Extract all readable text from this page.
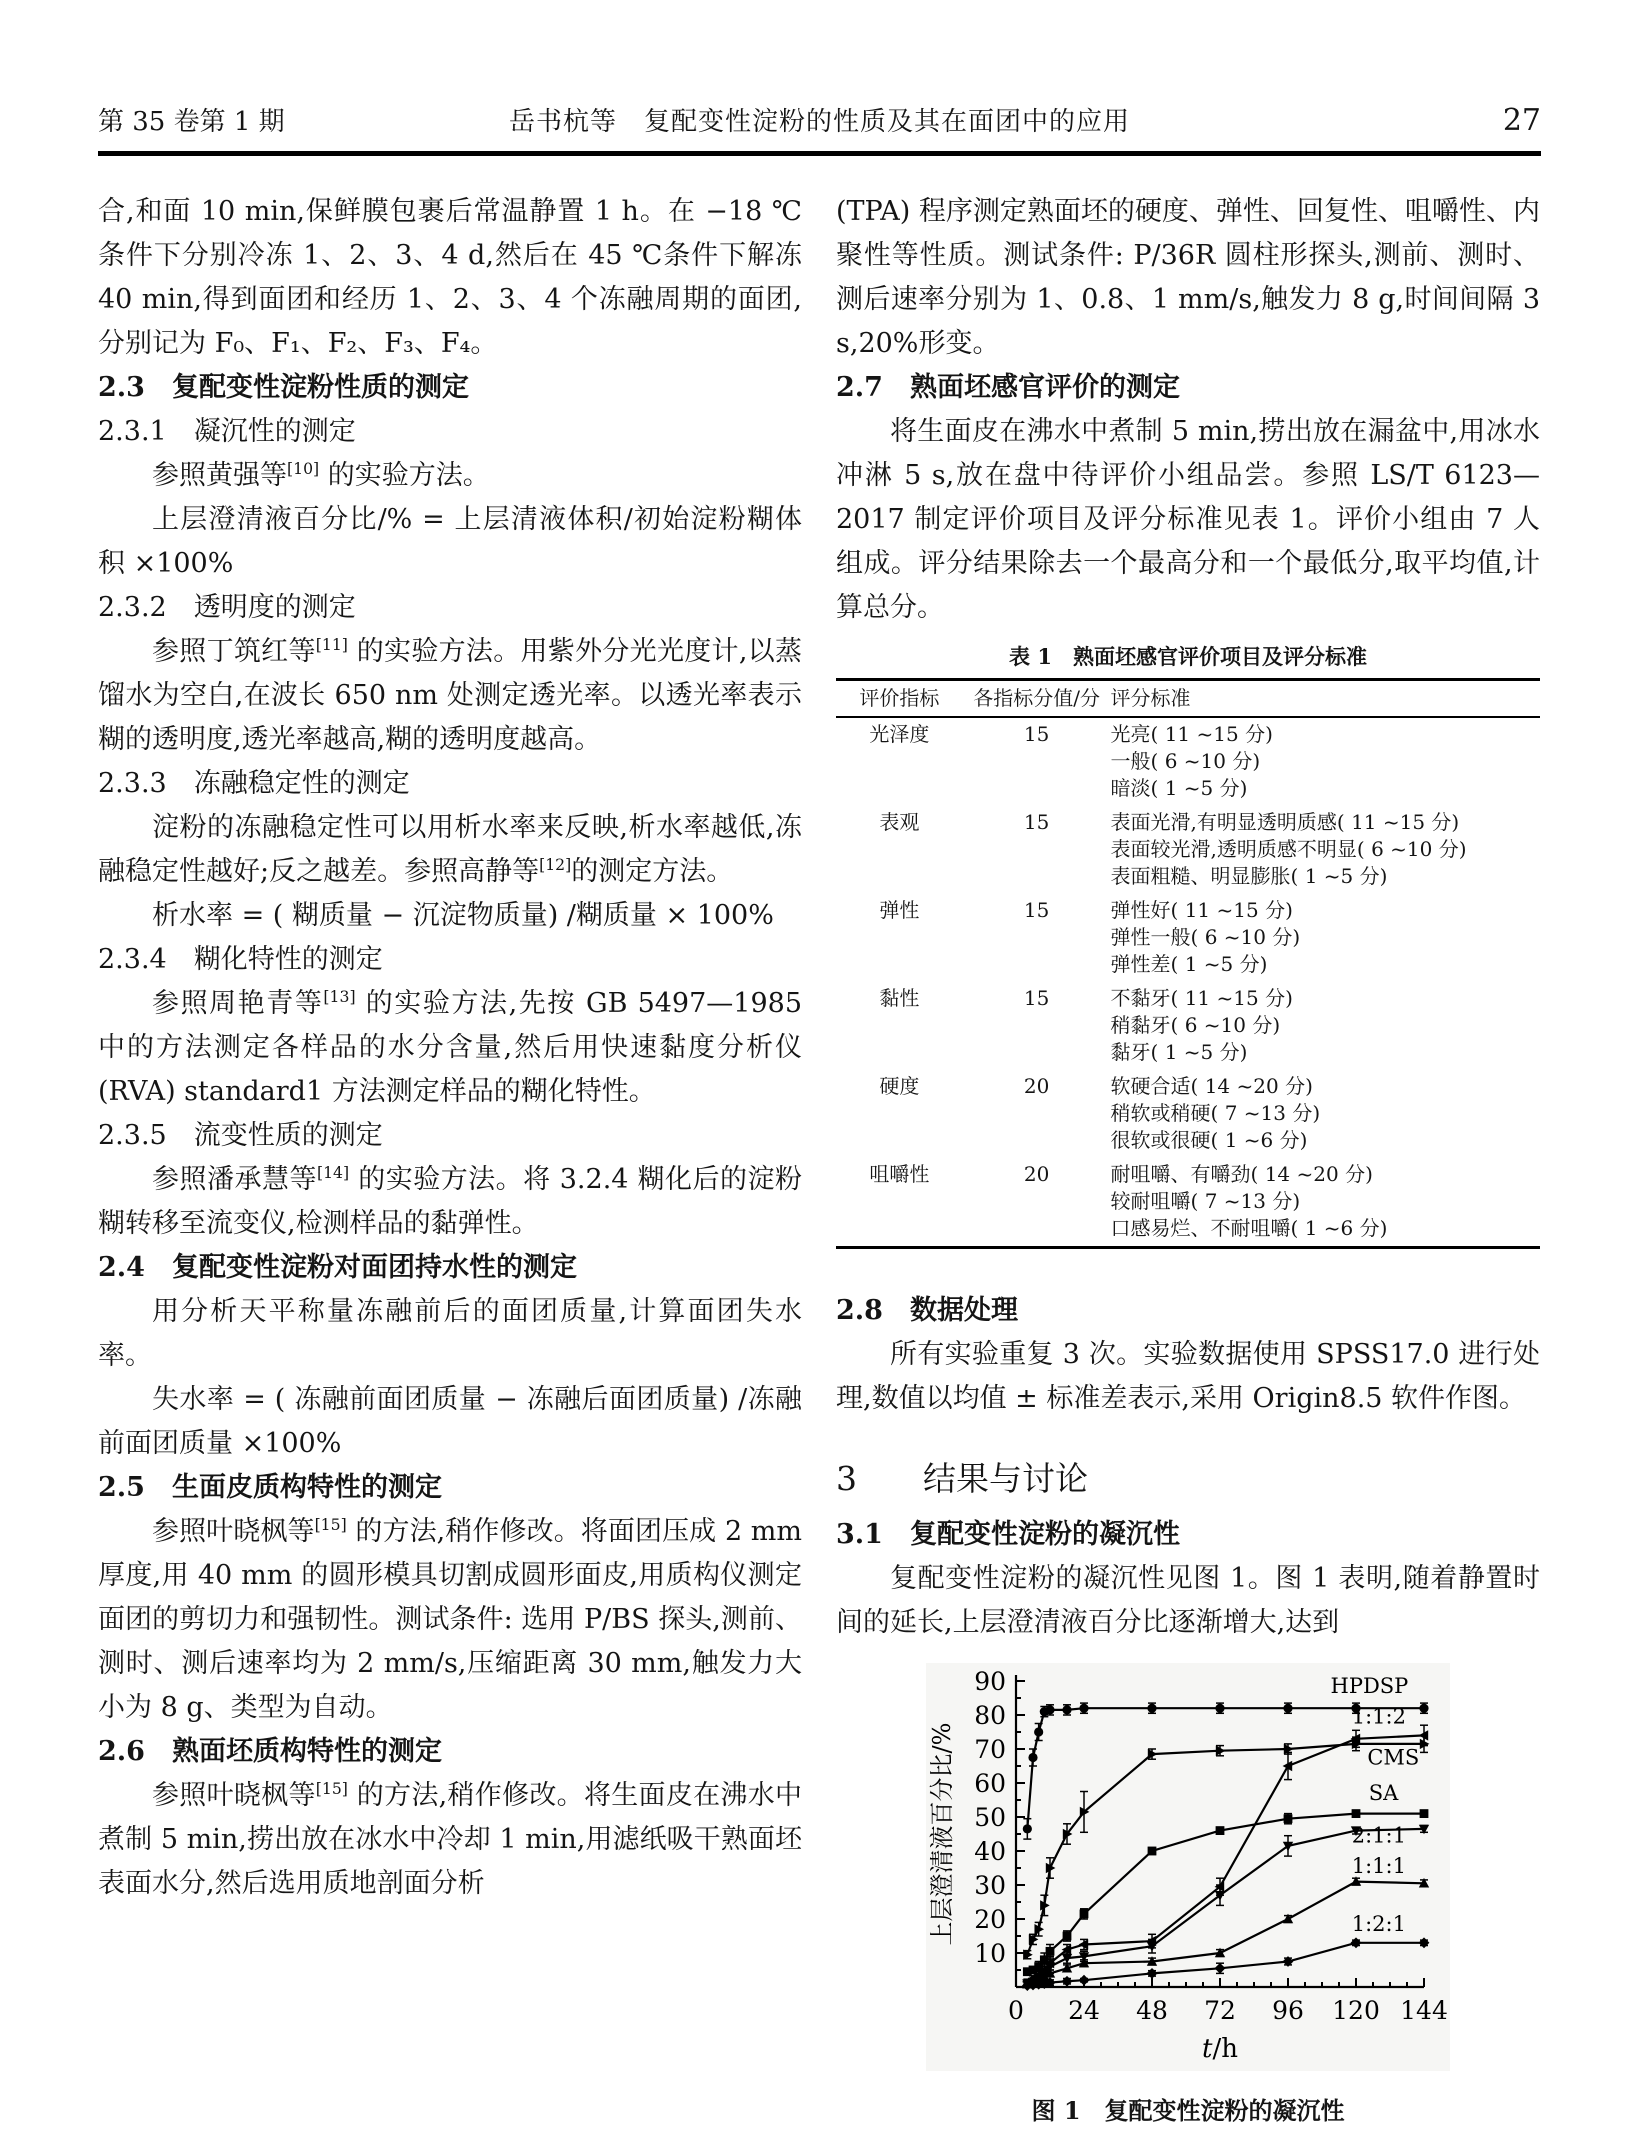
第 35 卷第 1 期	岳书杭等　复配变性淀粉的性质及其在面团中的应用	27

合,和面 10 min,保鲜膜包裹后常温静置 1 h。在 −18 ℃条件下分别冷冻 1、2、3、4 d,然后在 45 ℃条件下解冻 40 min,得到面团和经历 1、2、3、4 个冻融周期的面团,分别记为 F₀、F₁、F₂、F₃、F₄。

2.3　复配变性淀粉性质的测定
2.3.1　凝沉性的测定

参照黄强等[10] 的实验方法。

上层澄清液百分比/% = 上层清液体积/初始淀粉糊体积 ×100%

2.3.2　透明度的测定

参照丁筑红等[11] 的实验方法。用紫外分光光度计,以蒸馏水为空白,在波长 650 nm 处测定透光率。以透光率表示糊的透明度,透光率越高,糊的透明度越高。

2.3.3　冻融稳定性的测定

淀粉的冻融稳定性可以用析水率来反映,析水率越低,冻融稳定性越好;反之越差。参照高静等[12]的测定方法。

析水率 = ( 糊质量 − 沉淀物质量) /糊质量 × 100%

2.3.4　糊化特性的测定

参照周艳青等[13] 的实验方法,先按 GB 5497—1985 中的方法测定各样品的水分含量,然后用快速黏度分析仪(RVA) standard1 方法测定样品的糊化特性。

2.3.5　流变性质的测定

参照潘承慧等[14] 的实验方法。将 3.2.4 糊化后的淀粉糊转移至流变仪,检测样品的黏弹性。

2.4　复配变性淀粉对面团持水性的测定

用分析天平称量冻融前后的面团质量,计算面团失水率。

失水率 = ( 冻融前面团质量 − 冻融后面团质量) /冻融前面团质量 ×100%

2.5　生面皮质构特性的测定

参照叶晓枫等[15] 的方法,稍作修改。将面团压成 2 mm 厚度,用 40 mm 的圆形模具切割成圆形面皮,用质构仪测定面团的剪切力和强韧性。测试条件: 选用 P/BS 探头,测前、测时、测后速率均为 2 mm/s,压缩距离 30 mm,触发力大小为 8 g、类型为自动。

2.6　熟面坯质构特性的测定

参照叶晓枫等[15] 的方法,稍作修改。将生面皮在沸水中煮制 5 min,捞出放在冰水中冷却 1 min,用滤纸吸干熟面坯表面水分,然后选用质地剖面分析

(TPA) 程序测定熟面坯的硬度、弹性、回复性、咀嚼性、内聚性等性质。测试条件: P/36R 圆柱形探头,测前、测时、测后速率分别为 1、0.8、1 mm/s,触发力 8 g,时间间隔 3 s,20%形变。

2.7　熟面坯感官评价的测定

将生面皮在沸水中煮制 5 min,捞出放在漏盆中,用冰水冲淋 5 s,放在盘中待评价小组品尝。参照 LS/T 6123—2017 制定评价项目及评分标准见表 1。评价小组由 7 人组成。评分结果除去一个最高分和一个最低分,取平均值,计算总分。

表 1　熟面坯感官评价项目及评分标准
评价指标	各指标分值/分	评分标准
光泽度	15	光亮( 11 ~15 分)
一般( 6 ~10 分)
暗淡( 1 ~5 分)

表观	15	表面光滑,有明显透明质感( 11 ~15 分)
表面较光滑,透明质感不明显( 6 ~10 分)
表面粗糙、明显膨胀( 1 ~5 分)

弹性	15	弹性好( 11 ~15 分)
弹性一般( 6 ~10 分)
弹性差( 1 ~5 分)

黏性	15	不黏牙( 11 ~15 分)
稍黏牙( 6 ~10 分)
黏牙( 1 ~5 分)

硬度	20	软硬合适( 14 ~20 分)
稍软或稍硬( 7 ~13 分)
很软或很硬( 1 ~6 分)

咀嚼性	20	耐咀嚼、有嚼劲( 14 ~20 分)
较耐咀嚼( 7 ~13 分)
口感易烂、不耐咀嚼( 1 ~6 分)
2.8　数据处理

所有实验重复 3 次。实验数据使用 SPSS17.0 进行处理,数值以均值 ± 标准差表示,采用 Origin8.5 软件作图。

3　　结果与讨论
3.1　复配变性淀粉的凝沉性

复配变性淀粉的凝沉性见图 1。图 1 表明,随着静置时间的延长,上层澄清液百分比逐渐增大,达到

10
20
30
40
50
60
70
80
90
0 24 48 72 96 120 144
t/h
上层澄清液百分比/%
HPDSP
1:1:2
CMS
SA
2:1:1
1:1:1
1:2:1
图 1　复配变性淀粉的凝沉性
